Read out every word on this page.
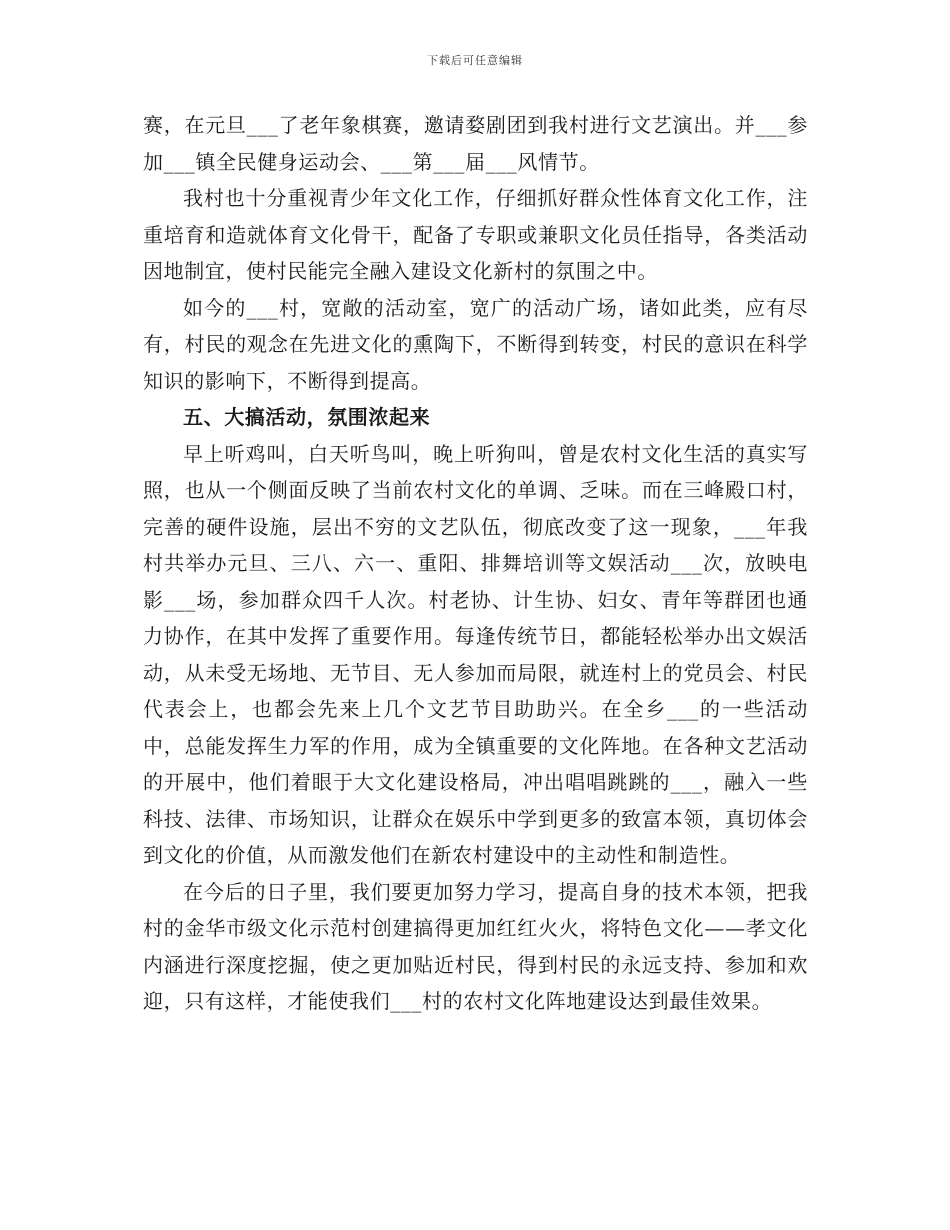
下载后可任意编辑

赛，在元旦___了老年象棋赛，邀请婺剧团到我村进行文艺演出。并___参加___镇全民健身运动会、___第___届___风情节。

我村也十分重视青少年文化工作，仔细抓好群众性体育文化工作，注重培育和造就体育文化骨干，配备了专职或兼职文化员任指导，各类活动因地制宜，使村民能完全融入建设文化新村的氛围之中。

如今的___村，宽敞的活动室，宽广的活动广场，诸如此类，应有尽有，村民的观念在先进文化的熏陶下，不断得到转变，村民的意识在科学知识的影响下，不断得到提高。

五、大搞活动，氛围浓起来

早上听鸡叫，白天听鸟叫，晚上听狗叫，曾是农村文化生活的真实写照，也从一个侧面反映了当前农村文化的单调、乏味。而在三峰殿口村，完善的硬件设施，层出不穷的文艺队伍，彻底改变了这一现象，___年我村共举办元旦、三八、六一、重阳、排舞培训等文娱活动___次，放映电影___场，参加群众四千人次。村老协、计生协、妇女、青年等群团也通力协作，在其中发挥了重要作用。每逢传统节日，都能轻松举办出文娱活动，从未受无场地、无节目、无人参加而局限，就连村上的党员会、村民代表会上，也都会先来上几个文艺节目助助兴。在全乡___的一些活动中，总能发挥生力军的作用，成为全镇重要的文化阵地。在各种文艺活动的开展中，他们着眼于大文化建设格局，冲出唱唱跳跳的___，融入一些科技、法律、市场知识，让群众在娱乐中学到更多的致富本领，真切体会到文化的价值，从而激发他们在新农村建设中的主动性和制造性。

在今后的日子里，我们要更加努力学习，提高自身的技术本领，把我村的金华市级文化示范村创建搞得更加红红火火，将特色文化——孝文化内涵进行深度挖掘，使之更加贴近村民，得到村民的永远支持、参加和欢迎，只有这样，才能使我们___村的农村文化阵地建设达到最佳效果。
